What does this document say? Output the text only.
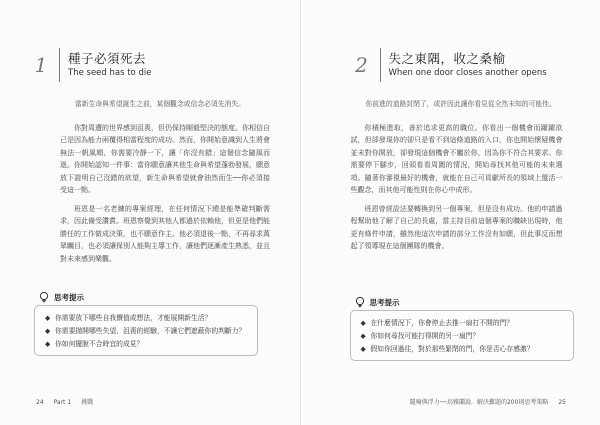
1	種子必須死去
The seed has to die

當新生命與希望誕生之前，某個觀念或信念必須先消失。

你對周遭的世界感到沮喪，但仍保持剛毅堅決的態度。你相信自己是因為能力兩覆得相當程度的成功。然而，你開始意識到人生將會無法一帆風順，你需要冷靜一下，讓「你沒有錯」這個信念隨風而逝。你開始認知一件事：當你願意讓其他生命與希望蓬勃發展，願意放下證明自己沒錯的欲望，新生命與希望就會油然而生──你必須接受這一點。

班恩是一名老練的專案經理，在任何情況下總是能準確判斷需求，因此備受讚賞。班恩察覺到其他人都過於依賴他，但更是他們能勝任的工作做成決策，也不願意作主。他必須退後一點，不再尋求萬眾矚目，也必須讓保別人能夠主導工作，讓他們逐漸產生熟悉，並且對未來感到樂觀。

思考提示
◆ 你需要放下哪些自我價值或想法，才能展開新生活？
◆ 你需要拋開哪些失望、沮喪的經驗，不讓它們遮蔽你的判斷力？
◆ 你如何擺脫不合時宜的成見？
24 Part 1 挑戰
2	失之東隅，收之桑榆
When one door closes another opens

你前進的道路封閉了，或許因此讓你看見從全然未知的可能性。

你積極進取，善於追求更高的職位。你看出一個機會而躍躍欲試，但卻發現你的卻只是看不到這條道路的入口，你也開始懷疑機會並未對你開放，卻發現這個機會不屬於你，因為你不符合其要求。你需要停下腳步，回頭看看周圍的情況，開始尋找其他可能的未來選項。隨著你審視最好的機會，就能在自己可貢獻所長的領域上盤活一些觀念，而其他可能性則在你心中成形。

班恩曾經設法要轉換到另一個專案，但是沒有成功。他的申請過程幫助他了解了自己的長處，當主持目前這個專案的職缺出現時，他更有條件申請，雖然他這次申請的部分工作沒有如願，但此事反而想起了領導現在這個團隊的機會。

思考提示
◆ 在什麼情況下，你會停止去推一扇打不開的門？
◆ 你如何尋找可能打得開的另一扇門？
◆ 假如你回過往，對於那些緊閉的門，你是否心存感激？
隨喻與浮力──烏雅蘭說．解決難題的200則思考策略 25
